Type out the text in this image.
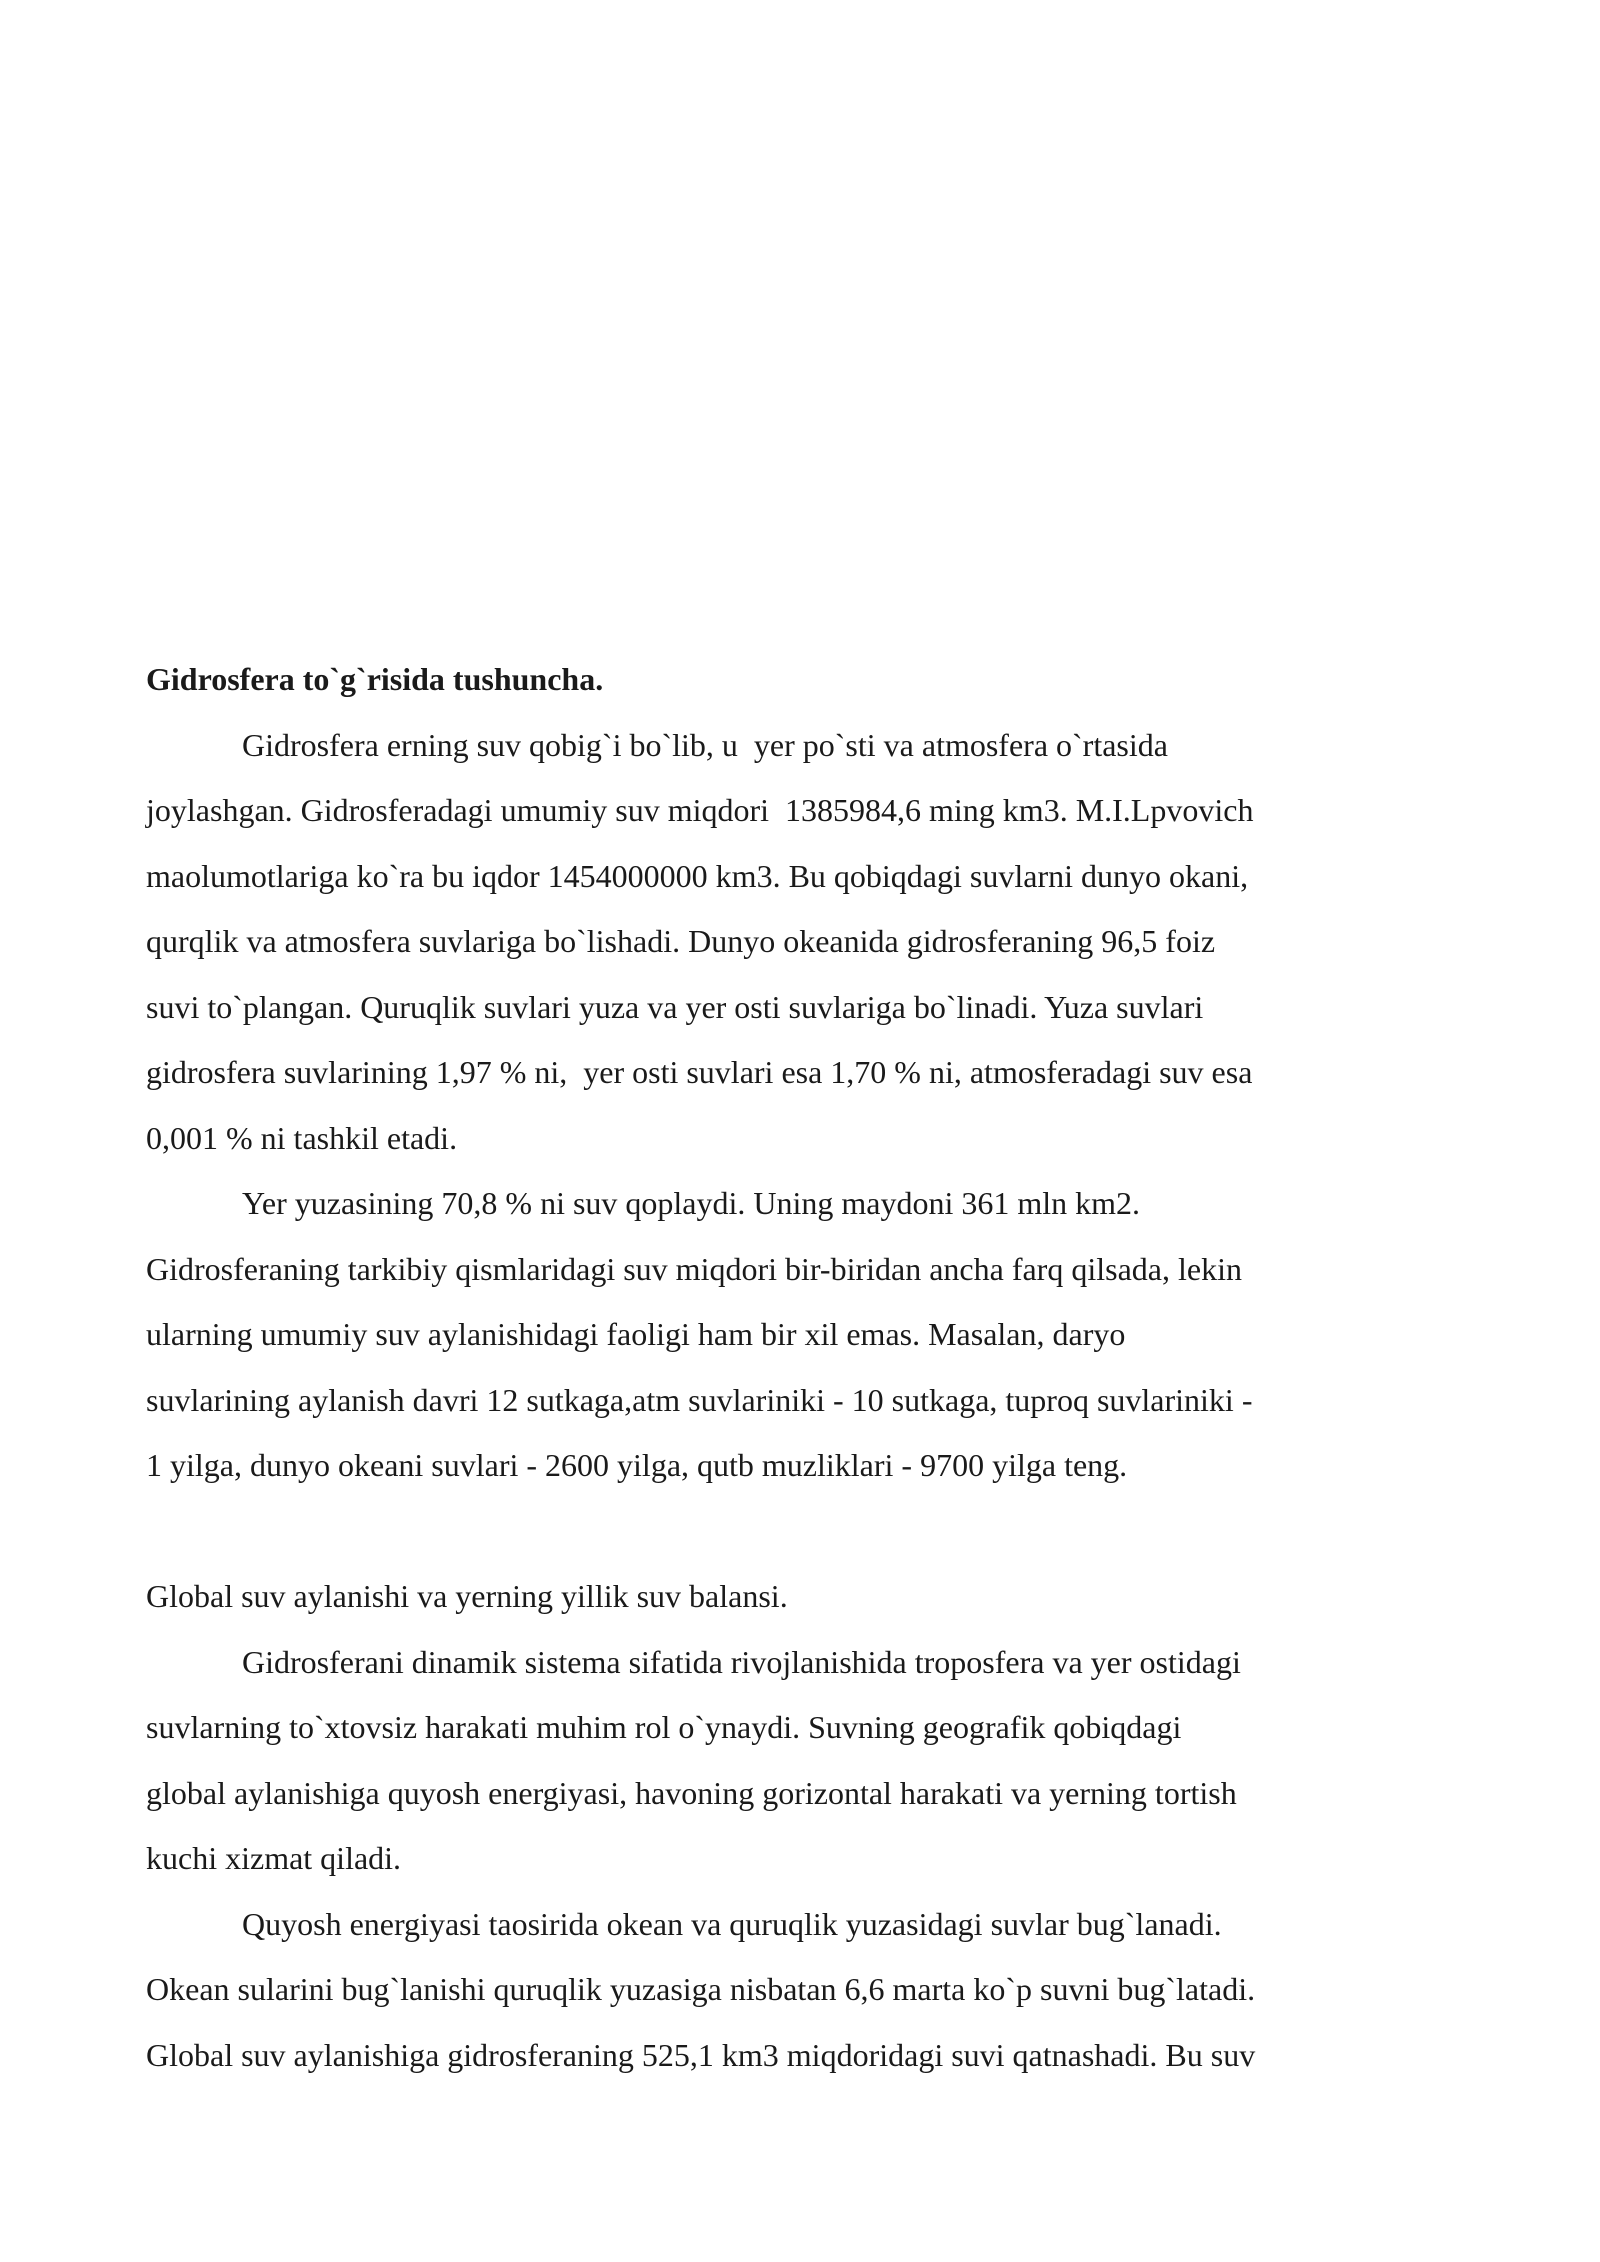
Gidrosfera to`g`risida tushuncha.
Gidrosfera erning suv qobig`i bo`lib, u  yer po`sti va atmosfera o`rtasida
joylashgan. Gidrosferadagi umumiy suv miqdori  1385984,6 ming km3. M.I.Lpvovich
maolumotlariga ko`ra bu iqdor 1454000000 km3. Bu qobiqdagi suvlarni dunyo okani,
qurqlik va atmosfera suvlariga bo`lishadi. Dunyo okeanida gidrosferaning 96,5 foiz
suvi to`plangan. Quruqlik suvlari yuza va yer osti suvlariga bo`linadi. Yuza suvlari
gidrosfera suvlarining 1,97 % ni,  yer osti suvlari esa 1,70 % ni, atmosferadagi suv esa
0,001 % ni tashkil etadi.
Yer yuzasining 70,8 % ni suv qoplaydi. Uning maydoni 361 mln km2.
Gidrosferaning tarkibiy qismlaridagi suv miqdori bir-biridan ancha farq qilsada, lekin
ularning umumiy suv aylanishidagi faoligi ham bir xil emas. Masalan, daryo
suvlarining aylanish davri 12 sutkaga,atm suvlariniki - 10 sutkaga, tuproq suvlariniki -
1 yilga, dunyo okeani suvlari - 2600 yilga, qutb muzliklari - 9700 yilga teng.
Global suv aylanishi va yerning yillik suv balansi.
Gidrosferani dinamik sistema sifatida rivojlanishida troposfera va yer ostidagi
suvlarning to`xtovsiz harakati muhim rol o`ynaydi. Suvning geografik qobiqdagi
global aylanishiga quyosh energiyasi, havoning gorizontal harakati va yerning tortish
kuchi xizmat qiladi.
Quyosh energiyasi taosirida okean va quruqlik yuzasidagi suvlar bug`lanadi.
Okean sularini bug`lanishi quruqlik yuzasiga nisbatan 6,6 marta ko`p suvni bug`latadi.
Global suv aylanishiga gidrosferaning 525,1 km3 miqdoridagi suvi qatnashadi. Bu suv
